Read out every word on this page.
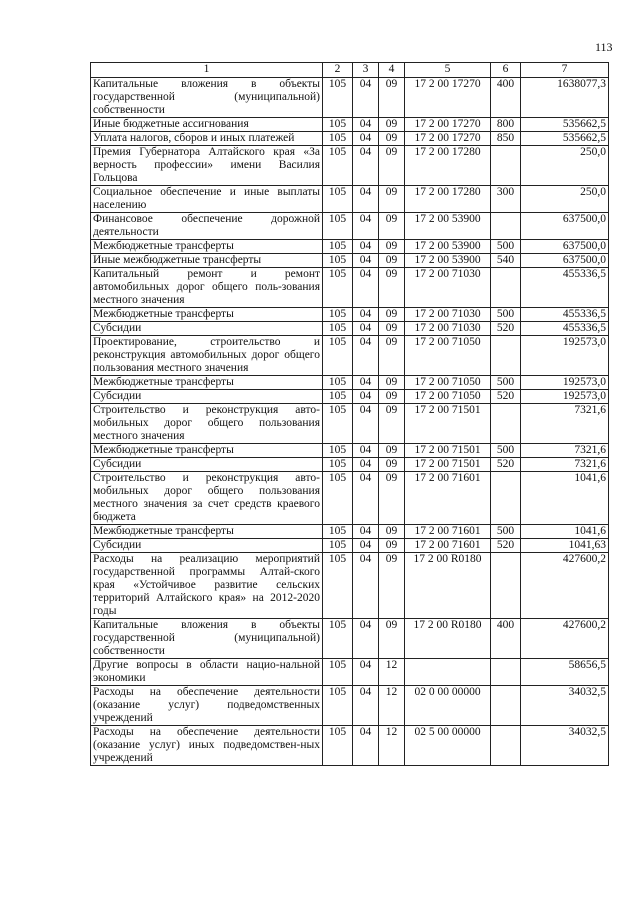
113
1	2	3	4	5	6	7
Капитальные вложения в объекты государственной (муниципальной) собственности	105	04	09	17 2 00 17270	400	1638077,3
Иные бюджетные ассигнования	105	04	09	17 2 00 17270	800	535662,5
Уплата налогов, сборов и иных платежей	105	04	09	17 2 00 17270	850	535662,5
Премия Губернатора Алтайского края «За верность профессии» имени Василия Гольцова	105	04	09	17 2 00 17280		250,0
Социальное обеспечение и иные выплаты населению	105	04	09	17 2 00 17280	300	250,0
Финансовое обеспечение дорожной деятельности	105	04	09	17 2 00 53900		637500,0
Межбюджетные трансферты	105	04	09	17 2 00 53900	500	637500,0
Иные межбюджетные трансферты	105	04	09	17 2 00 53900	540	637500,0
Капитальный ремонт и ремонт автомобильных дорог общего поль-зования местного значения	105	04	09	17 2 00 71030		455336,5
Межбюджетные трансферты	105	04	09	17 2 00 71030	500	455336,5
Субсидии	105	04	09	17 2 00 71030	520	455336,5
Проектирование, строительство и реконструкция автомобильных дорог общего пользования местного значения	105	04	09	17 2 00 71050		192573,0
Межбюджетные трансферты	105	04	09	17 2 00 71050	500	192573,0
Субсидии	105	04	09	17 2 00 71050	520	192573,0
Строительство и реконструкция авто-мобильных дорог общего пользования местного значения	105	04	09	17 2 00 71501		7321,6
Межбюджетные трансферты	105	04	09	17 2 00 71501	500	7321,6
Субсидии	105	04	09	17 2 00 71501	520	7321,6
Строительство и реконструкция авто-мобильных дорог общего пользования местного значения за счет средств краевого бюджета	105	04	09	17 2 00 71601		1041,6
Межбюджетные трансферты	105	04	09	17 2 00 71601	500	1041,6
Субсидии	105	04	09	17 2 00 71601	520	1041,63
Расходы на реализацию мероприятий государственной программы Алтай-ского края «Устойчивое развитие сельских территорий Алтайского края» на 2012-2020 годы	105	04	09	17 2 00 R0180		427600,2
Капитальные вложения в объекты государственной (муниципальной) собственности	105	04	09	17 2 00 R0180	400	427600,2
Другие вопросы в области нацио-нальной экономики	105	04	12			58656,5
Расходы на обеспечение деятельности (оказание услуг) подведомственных учреждений	105	04	12	02 0 00 00000		34032,5
Расходы на обеспечение деятельности (оказание услуг) иных подведомствен-ных учреждений	105	04	12	02 5 00 00000		34032,5
